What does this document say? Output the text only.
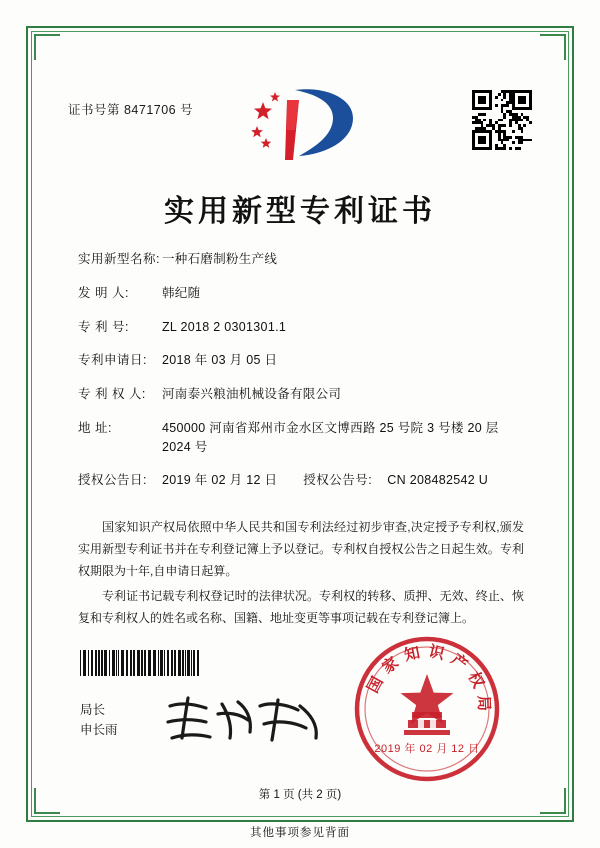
证书号第 8471706 号
实用新型专利证书
实用新型名称: 一种石磨制粉生产线
发 明 人:	韩纪随
专 利 号:	ZL 2018 2 0301301.1
专利申请日:	2018 年 03 月 05 日
专 利 权 人:	河南泰兴粮油机械设备有限公司
地 址:	450000 河南省郑州市金水区文博西路 25 号院 3 号楼 20 层 2024 号
授权公告日:	2019 年 02 月 12 日 授权公告号:	CN 208482542 U

国家知识产权局依照中华人民共和国专利法经过初步审查,决定授予专利权,颁发实用新型专利证书并在专利登记簿上予以登记。专利权自授权公告之日起生效。专利权期限为十年,自申请日起算。

专利证书记载专利权登记时的法律状况。专利权的转移、质押、无效、终止、恢复和专利权人的姓名或名称、国籍、地址变更等事项记载在专利登记簿上。

局长
申长雨
国家知识产权局
2019 年 02 月 12 日
第 1 页 (共 2 页)
其他事项参见背面
